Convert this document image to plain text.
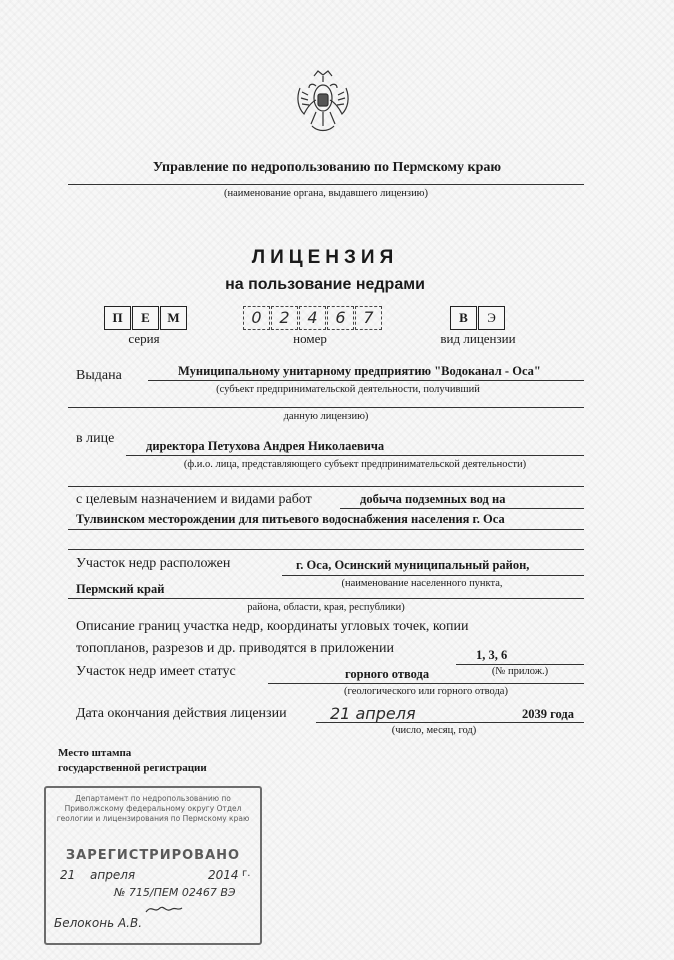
Управление по недропользованию по Пермскому краю
(наименование органа, выдавшего лицензию)
ЛИЦЕНЗИЯ
на пользование недрами
П	Е	М
серия
0	2	4	6	7
номер
В	Э
вид лицензии
Выдана	Муниципальному унитарному предприятию "Водоканал - Оса"
(субъект предпринимательской деятельности, получивший
данную лицензию)
в лице	директора Петухова Андрея Николаевича
(ф.и.о. лица, представляющего субъект предпринимательской деятельности)
с целевым назначением и видами работ	добыча подземных вод на
Тулвинском месторождении для питьевого водоснабжения населения г. Оса
Участок недр расположен	г. Оса, Осинский муниципальный район,
(наименование населенного пункта,
Пермский край
района, области, края, республики)
Описание границ участка недр, координаты угловых точек, копии
топопланов, разрезов и др. приводятся в приложении	1, 3, 6
(№ прилож.)
Участок недр имеет статус	горного отвода
(геологического или горного отвода)
Дата окончания действия лицензии	21 апреля	2039 года
(число, месяц, год)
Место штампа
государственной регистрации
Департамент по недропользованию по Приволжскому федеральному округу Отдел геологии и лицензирования по Пермскому краю
ЗАРЕГИСТРИРОВАНО
21 апреля	2014 г.
№ 715/ПЕМ 02467 ВЭ
Белоконь А.В.
